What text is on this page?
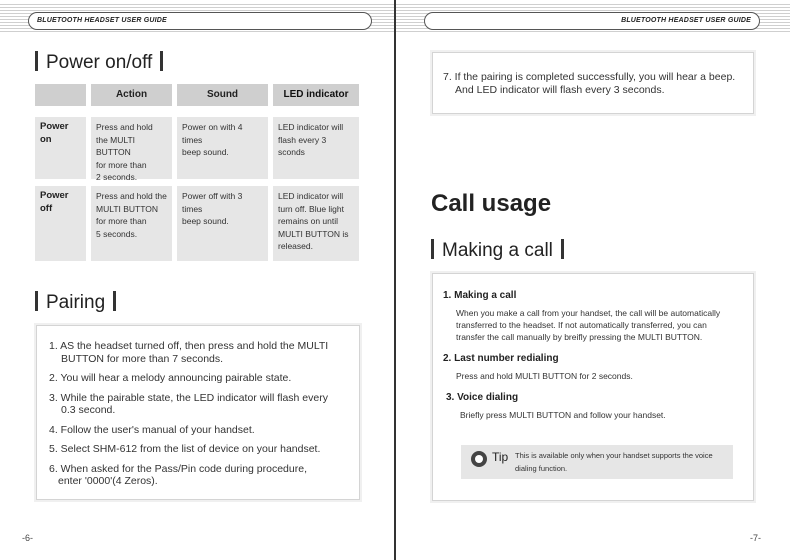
BLUETOOTH HEADSET USER GUIDE
Power on/off
Action	Sound	LED indicator
Power on
Press and hold
the MULTI BUTTON
for more than
2 seconds.
Power on with 4 times
beep sound.
LED indicator will
flash every 3 sconds
Power off
Press and hold the
MULTI BUTTON
for more than
5 seconds.
Power off with 3 times
beep sound.
LED indicator will
turn off. Blue light
remains on until
MULTI BUTTON is
released.
Pairing
1. AS the headset turned off, then press and hold the MULTI
BUTTON for more than 7 seconds.
2. You will hear a melody announcing pairable state.
3. While the pairable state, the LED indicator will flash every
0.3 second.
4. Follow the user's manual of your handset.
5. Select SHM-612 from the list of device on your handset.
6. When asked for the Pass/Pin code during procedure,
enter '0000'(4 Zeros).
-6-
BLUETOOTH HEADSET USER GUIDE
7. If the pairing is completed successfully, you will hear a beep.
And LED indicator will flash every 3 seconds.
Call usage
Making a call
1. Making a call
When you make a call from your handset, the call will be automatically
transferred to the headset. If not automatically transferred, you can
transfer the call manually by breifly pressing the MULTI BUTTON.
2. Last number redialing
Press and hold MULTI BUTTON for 2 seconds.
3. Voice dialing
Briefly press MULTI BUTTON and follow your handset.
Tip This is available only when your handset supports the voice
dialing function.
-7-
